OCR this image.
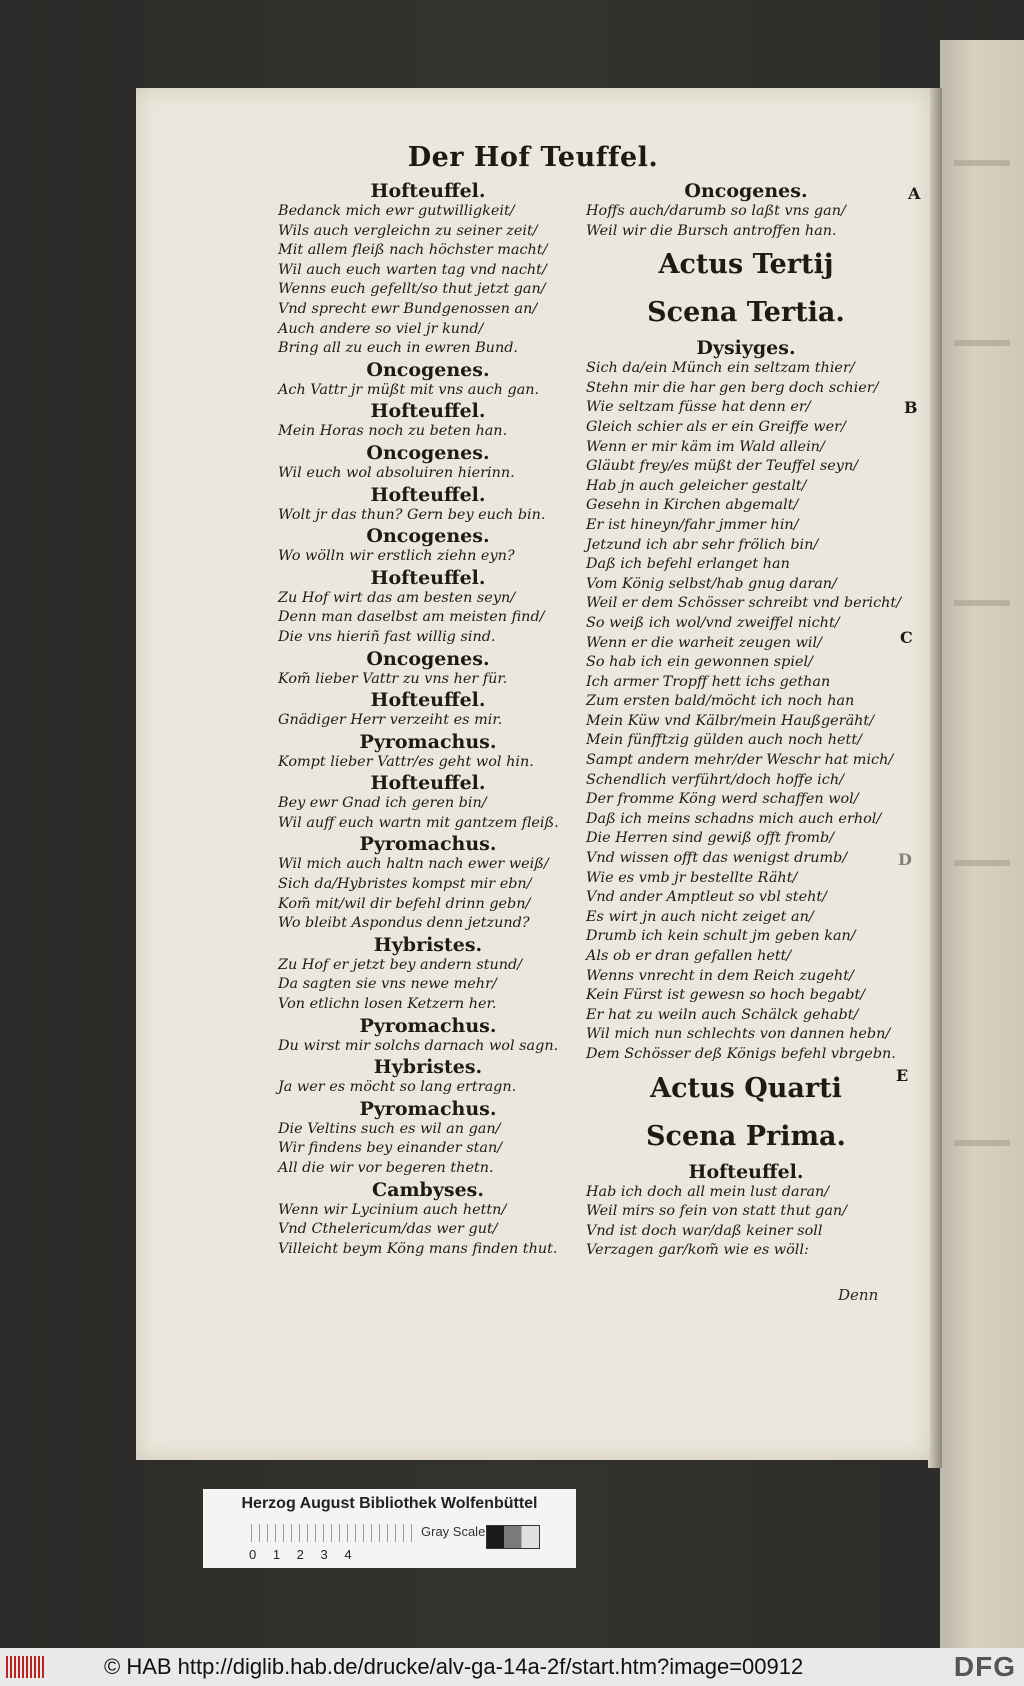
Der Hof Teuffel.
Hofteuffel.
Bedanck mich ewr gutwilligkeit/
Wils auch vergleichn zu seiner zeit/
Mit allem fleiß nach höchster macht/
Wil auch euch warten tag vnd nacht/
Wenns euch gefellt/so thut jetzt gan/
Vnd sprecht ewr Bundgenossen an/
Auch andere so viel jr kund/
Bring all zu euch in ewren Bund.
Oncogenes.
Ach Vattr jr müßt mit vns auch gan.
Hofteuffel.
Mein Horas noch zu beten han.
Oncogenes.
Wil euch wol absoluiren hierinn.
Hofteuffel.
Wolt jr das thun? Gern bey euch bin.
Oncogenes.
Wo wölln wir erstlich ziehn eyn?
Hofteuffel.
Zu Hof wirt das am besten seyn/
Denn man daselbst am meisten find/
Die vns hieriñ fast willig sind.
Oncogenes.
Kom̃ lieber Vattr zu vns her für.
Hofteuffel.
Gnädiger Herr verzeiht es mir.
Pyromachus.
Kompt lieber Vattr/es geht wol hin.
Hofteuffel.
Bey ewr Gnad ich geren bin/
Wil auff euch wartn mit gantzem fleiß.
Pyromachus.
Wil mich auch haltn nach ewer weiß/
Sich da/Hybristes kompst mir ebn/
Kom̃ mit/wil dir befehl drinn gebn/
Wo bleibt Aspondus denn jetzund?
Hybristes.
Zu Hof er jetzt bey andern stund/
Da sagten sie vns newe mehr/
Von etlichn losen Ketzern her.
Pyromachus.
Du wirst mir solchs darnach wol sagn.
Hybristes.
Ja wer es möcht so lang ertragn.
Pyromachus.
Die Veltins such es wil an gan/
Wir findens bey einander stan/
All die wir vor begeren thetn.
Cambyses.
Wenn wir Lycinium auch hettn/
Vnd Cthelericum/das wer gut/
Villeicht beym Köng mans finden thut.
Oncogenes.
Hoffs auch/darumb so laßt vns gan/
Weil wir die Bursch antroffen han.
Actus Tertij
Scena Tertia.
Dysiyges.
Sich da/ein Münch ein seltzam thier/
Stehn mir die har gen berg doch schier/
Wie seltzam füsse hat denn er/
Gleich schier als er ein Greiffe wer/
Wenn er mir käm im Wald allein/
Gläubt frey/es müßt der Teuffel seyn/
Hab jn auch geleicher gestalt/
Gesehn in Kirchen abgemalt/
Er ist hineyn/fahr jmmer hin/
Jetzund ich abr sehr frölich bin/
Daß ich befehl erlanget han
Vom König selbst/hab gnug daran/
Weil er dem Schösser schreibt vnd bericht/
So weiß ich wol/vnd zweiffel nicht/
Wenn er die warheit zeugen wil/
So hab ich ein gewonnen spiel/
Ich armer Tropff hett ichs gethan
Zum ersten bald/möcht ich noch han
Mein Küw vnd Kälbr/mein Haußgeräht/
Mein fünfftzig gülden auch noch hett/
Sampt andern mehr/der Weschr hat mich/
Schendlich verführt/doch hoffe ich/
Der fromme Köng werd schaffen wol/
Daß ich meins schadns mich auch erhol/
Die Herren sind gewiß offt fromb/
Vnd wissen offt das wenigst drumb/
Wie es vmb jr bestellte Räht/
Vnd ander Amptleut so vbl steht/
Es wirt jn auch nicht zeiget an/
Drumb ich kein schult jm geben kan/
Als ob er dran gefallen hett/
Wenns vnrecht in dem Reich zugeht/
Kein Fürst ist gewesn so hoch begabt/
Er hat zu weiln auch Schälck gehabt/
Wil mich nun schlechts von dannen hebn/
Dem Schösser deß Königs befehl vbrgebn.
Actus Quarti
Scena Prima.
Hofteuffel.
Hab ich doch all mein lust daran/
Weil mirs so fein von statt thut gan/
Vnd ist doch war/daß keiner soll
Verzagen gar/kom̃ wie es wöll:
A
B
C
D
E
Denn
Herzog August Bibliothek Wolfenbüttel
Gray Scale
0 1 2 3 4
© HAB http://diglib.hab.de/drucke/alv-ga-14a-2f/start.htm?image=00912	DFG
